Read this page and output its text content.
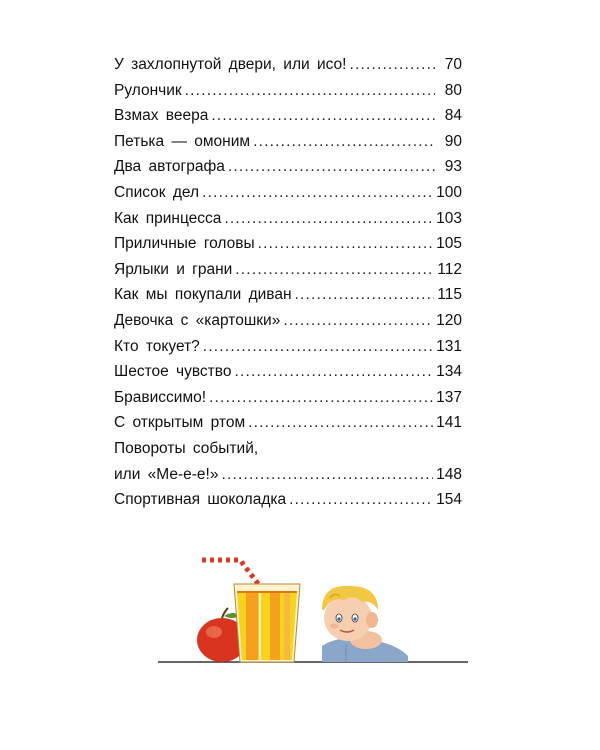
У захлопнутой двери, или исо! .....	70
Рулончик .....	80
Взмах веера .....	84
Петька — омоним .....	90
Два автографа .....	93
Список дел .....	100
Как принцесса .....	103
Приличные головы .....	105
Ярлыки и грани .....	112
Как мы покупали диван .....	115
Девочка с «картошки» .....	120
Кто токует? .....	131
Шестое чувство .....	134
Брависсимо! .....	137
С открытым ртом .....	141
Повороты событий,
или «Ме-е-е!» .....	148
Спортивная шоколадка .....	154
